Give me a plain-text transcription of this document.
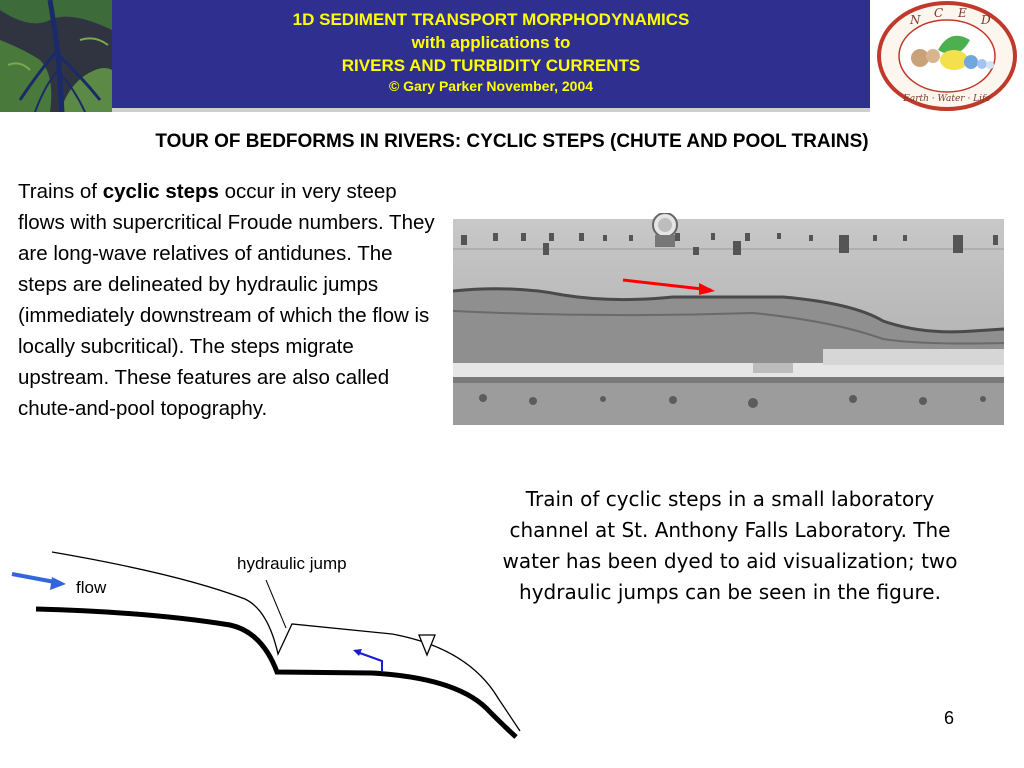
1D SEDIMENT TRANSPORT MORPHODYNAMICS
with applications to
RIVERS AND TURBIDITY CURRENTS
© Gary Parker November, 2004
N C E D
Earth · Water · Life
TOUR OF BEDFORMS IN RIVERS: CYCLIC STEPS (CHUTE AND POOL TRAINS)
Trains of cyclic steps occur in very steep flows with supercritical Froude numbers. They are long-wave relatives of antidunes. The steps are delineated by hydraulic jumps (immediately downstream of which the flow is locally subcritical). The steps migrate upstream. These features are also called chute-and-pool topography.
Train of cyclic steps in a small laboratory channel at St. Anthony Falls Laboratory. The water has been dyed to aid visualization; two hydraulic jumps can be seen in the figure.
hydraulic jump
flow
6
